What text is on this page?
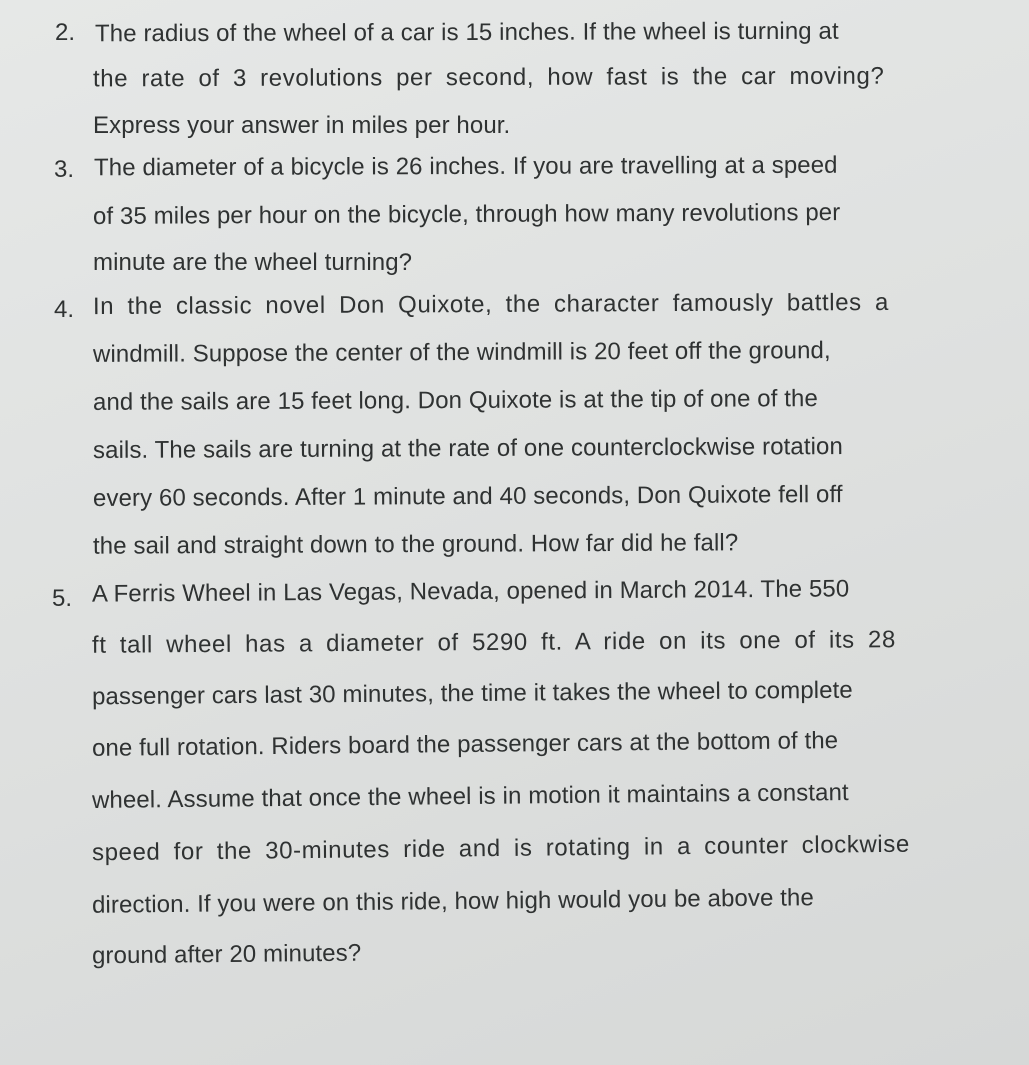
2. The radius of the wheel of a car is 15 inches. If the wheel is turning at
the rate of 3 revolutions per second, how fast is the car moving?
Express your answer in miles per hour.
3. The diameter of a bicycle is 26 inches. If you are travelling at a speed
of 35 miles per hour on the bicycle, through how many revolutions per
minute are the wheel turning?
4. In the classic novel Don Quixote, the character famously battles a
windmill. Suppose the center of the windmill is 20 feet off the ground,
and the sails are 15 feet long. Don Quixote is at the tip of one of the
sails. The sails are turning at the rate of one counterclockwise rotation
every 60 seconds. After 1 minute and 40 seconds, Don Quixote fell off
the sail and straight down to the ground. How far did he fall?
5. A Ferris Wheel in Las Vegas, Nevada, opened in March 2014. The 550
ft tall wheel has a diameter of 5290 ft. A ride on its one of its 28
passenger cars last 30 minutes, the time it takes the wheel to complete
one full rotation. Riders board the passenger cars at the bottom of the
wheel. Assume that once the wheel is in motion it maintains a constant
speed for the 30-minutes ride and is rotating in a counter clockwise
direction. If you were on this ride, how high would you be above the
ground after 20 minutes?
